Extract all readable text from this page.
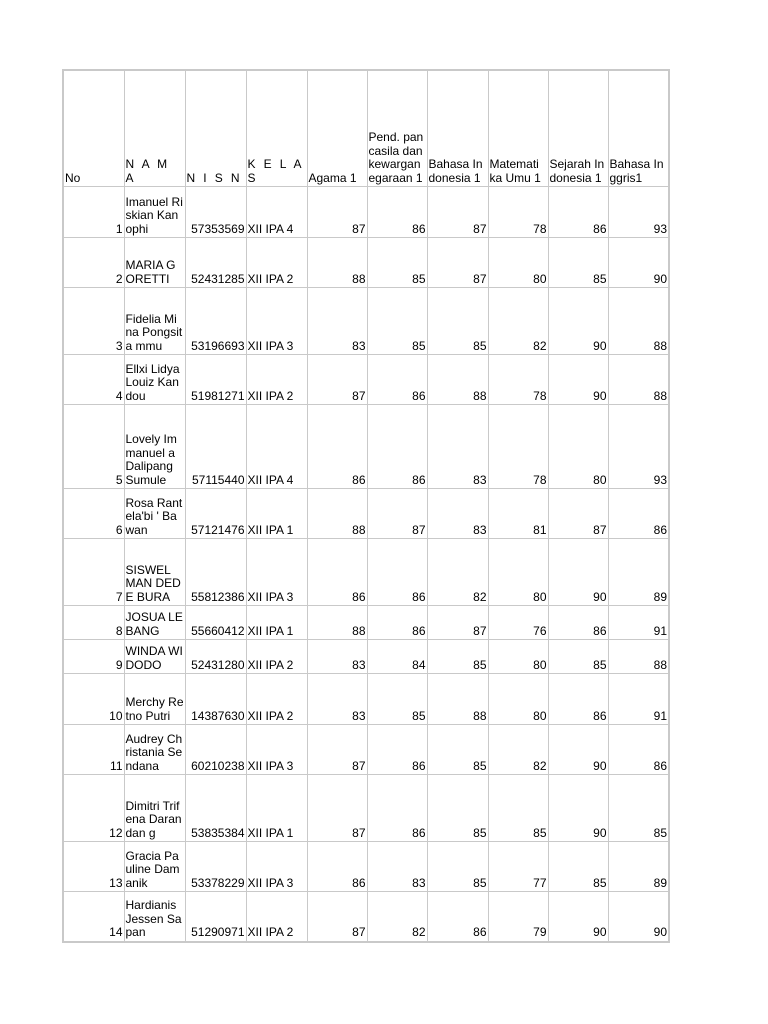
No	N A M A	N I S N	K E L A S	Agama 1	Pend. pancasila dan kewargan egaraan 1	Bahasa Indonesia 1	Matemati ka Umu 1	Sejarah Indonesia 1	Bahasa Inggris1
1	Imanuel Riskian Kanophi	57353569	XII IPA 4	87	86	87	78	86	93
2	MARIA GORETTI	52431285	XII IPA 2	88	85	87	80	85	90
3	Fidelia Mina Pongsita mmu	53196693	XII IPA 3	83	85	85	82	90	88
4	Ellxi Lidya Louiz Kandou	51981271	XII IPA 2	87	86	88	78	90	88
5	Lovely Immanuel a Dalipang Sumule	57115440	XII IPA 4	86	86	83	78	80	93
6	Rosa Rantela'bi ' Bawan	57121476	XII IPA 1	88	87	83	81	87	86
7	SISWEL MAN DEDE BURA	55812386	XII IPA 3	86	86	82	80	90	89
8	JOSUA LEBANG	55660412	XII IPA 1	88	86	87	76	86	91
9	WINDA WIDODO	52431280	XII IPA 2	83	84	85	80	85	88
10	Merchy Retno Putri	14387630	XII IPA 2	83	85	88	80	86	91
11	Audrey Christania Sendana	60210238	XII IPA 3	87	86	85	82	90	86
12	Dimitri Trifena Darandan g	53835384	XII IPA 1	87	86	85	85	90	85
13	Gracia Pauline Damanik	53378229	XII IPA 3	86	83	85	77	85	89
14	Hardianis Jessen Sapan	51290971	XII IPA 2	87	82	86	79	90	90
